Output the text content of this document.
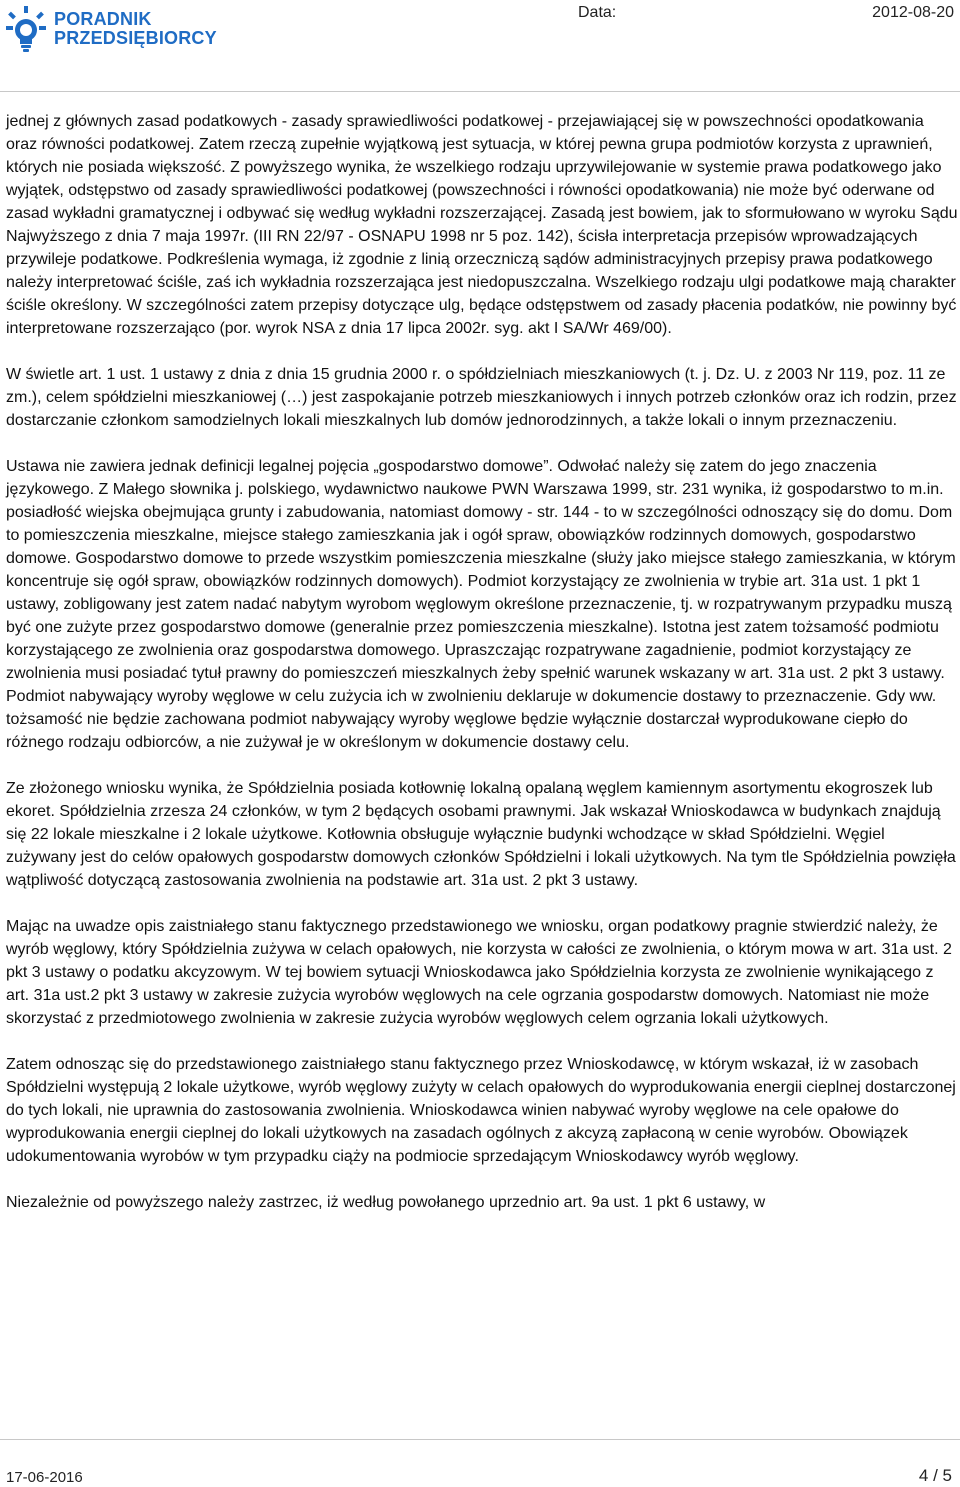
PORADNIK
PRZEDSIĘBIORCY
Data:	2012-08-20

jednej z głównych zasad podatkowych - zasady sprawiedliwości podatkowej - przejawiającej się w powszechności opodatkowania oraz równości podatkowej. Zatem rzeczą zupełnie wyjątkową jest sytuacja, w której pewna grupa podmiotów korzysta z uprawnień, których nie posiada większość. Z powyższego wynika, że wszelkiego rodzaju uprzywilejowanie w systemie prawa podatkowego jako wyjątek, odstępstwo od zasady sprawiedliwości podatkowej (powszechności i równości opodatkowania) nie może być oderwane od zasad wykładni gramatycznej i odbywać się według wykładni rozszerzającej. Zasadą jest bowiem, jak to sformułowano w wyroku Sądu Najwyższego z dnia 7 maja 1997r. (III RN 22/97 - OSNAPU 1998 nr 5 poz. 142), ścisła interpretacja przepisów wprowadzających przywileje podatkowe. Podkreślenia wymaga, iż zgodnie z linią orzeczniczą sądów administracyjnych przepisy prawa podatkowego należy interpretować ściśle, zaś ich wykładnia rozszerzająca jest niedopuszczalna. Wszelkiego rodzaju ulgi podatkowe mają charakter ściśle określony. W szczególności zatem przepisy dotyczące ulg, będące odstępstwem od zasady płacenia podatków, nie powinny być interpretowane rozszerzająco (por. wyrok NSA z dnia 17 lipca 2002r. syg. akt I SA/Wr 469/00).

W świetle art. 1 ust. 1 ustawy z dnia z dnia 15 grudnia 2000 r. o spółdzielniach mieszkaniowych (t. j. Dz. U. z 2003 Nr 119, poz. 11 ze zm.), celem spółdzielni mieszkaniowej (…) jest zaspokajanie potrzeb mieszkaniowych i innych potrzeb członków oraz ich rodzin, przez dostarczanie członkom samodzielnych lokali mieszkalnych lub domów jednorodzinnych, a także lokali o innym przeznaczeniu.

Ustawa nie zawiera jednak definicji legalnej pojęcia „gospodarstwo domowe”. Odwołać należy się zatem do jego znaczenia językowego. Z Małego słownika j. polskiego, wydawnictwo naukowe PWN Warszawa 1999, str. 231 wynika, iż gospodarstwo to m.in. posiadłość wiejska obejmująca grunty i zabudowania, natomiast domowy - str. 144 - to w szczególności odnoszący się do domu. Dom to pomieszczenia mieszkalne, miejsce stałego zamieszkania jak i ogół spraw, obowiązków rodzinnych domowych, gospodarstwo domowe. Gospodarstwo domowe to przede wszystkim pomieszczenia mieszkalne (służy jako miejsce stałego zamieszkania, w którym koncentruje się ogół spraw, obowiązków rodzinnych domowych). Podmiot korzystający ze zwolnienia w trybie art. 31a ust. 1 pkt 1 ustawy, zobligowany jest zatem nadać nabytym wyrobom węglowym określone przeznaczenie, tj. w rozpatrywanym przypadku muszą być one zużyte przez gospodarstwo domowe (generalnie przez pomieszczenia mieszkalne). Istotna jest zatem tożsamość podmiotu korzystającego ze zwolnienia oraz gospodarstwa domowego. Upraszczając rozpatrywane zagadnienie, podmiot korzystający ze zwolnienia musi posiadać tytuł prawny do pomieszczeń mieszkalnych żeby spełnić warunek wskazany w art. 31a ust. 2 pkt 3 ustawy. Podmiot nabywający wyroby węglowe w celu zużycia ich w zwolnieniu deklaruje w dokumencie dostawy to przeznaczenie. Gdy ww. tożsamość nie będzie zachowana podmiot nabywający wyroby węglowe będzie wyłącznie dostarczał wyprodukowane ciepło do różnego rodzaju odbiorców, a nie zużywał je w określonym w dokumencie dostawy celu.

Ze złożonego wniosku wynika, że Spółdzielnia posiada kotłownię lokalną opalaną węglem kamiennym asortymentu ekogroszek lub ekoret. Spółdzielnia zrzesza 24 członków, w tym 2 będących osobami prawnymi. Jak wskazał Wnioskodawca w budynkach znajdują się 22 lokale mieszkalne i 2 lokale użytkowe. Kotłownia obsługuje wyłącznie budynki wchodzące w skład Spółdzielni. Węgiel zużywany jest do celów opałowych gospodarstw domowych członków Spółdzielni i lokali użytkowych. Na tym tle Spółdzielnia powzięła wątpliwość dotyczącą zastosowania zwolnienia na podstawie art. 31a ust. 2 pkt 3 ustawy.

Mając na uwadze opis zaistniałego stanu faktycznego przedstawionego we wniosku, organ podatkowy pragnie stwierdzić należy, że wyrób węglowy, który Spółdzielnia zużywa w celach opałowych, nie korzysta w całości ze zwolnienia, o którym mowa w art. 31a ust. 2 pkt 3 ustawy o podatku akcyzowym. W tej bowiem sytuacji Wnioskodawca jako Spółdzielnia korzysta ze zwolnienie wynikającego z art. 31a ust.2 pkt 3 ustawy w zakresie zużycia wyrobów węglowych na cele ogrzania gospodarstw domowych. Natomiast nie może skorzystać z przedmiotowego zwolnienia w zakresie zużycia wyrobów węglowych celem ogrzania lokali użytkowych.

Zatem odnosząc się do przedstawionego zaistniałego stanu faktycznego przez Wnioskodawcę, w którym wskazał, iż w zasobach Spółdzielni występują 2 lokale użytkowe, wyrób węglowy zużyty w celach opałowych do wyprodukowania energii cieplnej dostarczonej do tych lokali, nie uprawnia do zastosowania zwolnienia. Wnioskodawca winien nabywać wyroby węglowe na cele opałowe do wyprodukowania energii cieplnej do lokali użytkowych na zasadach ogólnych z akcyzą zapłaconą w cenie wyrobów. Obowiązek udokumentowania wyrobów w tym przypadku ciąży na podmiocie sprzedającym Wnioskodawcy wyrób węglowy.

Niezależnie od powyższego należy zastrzec, iż według powołanego uprzednio art. 9a ust. 1 pkt 6 ustawy, w

17-06-2016	4 / 5
